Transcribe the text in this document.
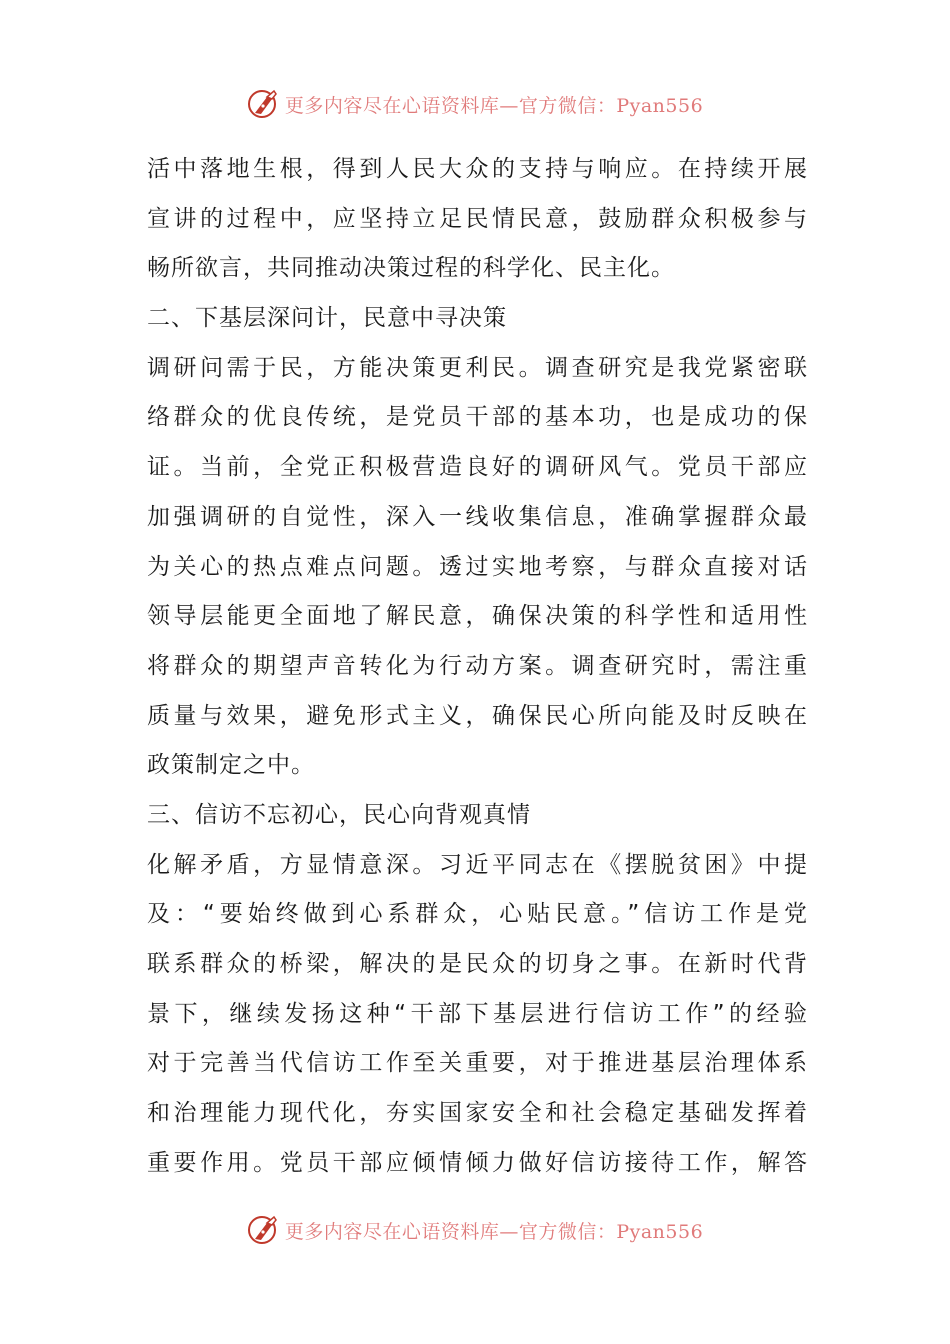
更多内容尽在心语资料库—官方微信：Pyan556
活中落地生根，得到人民大众的支持与响应。在持续开展
宣讲的过程中，应坚持立足民情民意，鼓励群众积极参与
畅所欲言，共同推动决策过程的科学化、民主化。
二、下基层深问计，民意中寻决策
调研问需于民，方能决策更利民。调查研究是我党紧密联
络群众的优良传统，是党员干部的基本功，也是成功的保
证。当前，全党正积极营造良好的调研风气。党员干部应
加强调研的自觉性，深入一线收集信息，准确掌握群众最
为关心的热点难点问题。透过实地考察，与群众直接对话
领导层能更全面地了解民意，确保决策的科学性和适用性
将群众的期望声音转化为行动方案。调查研究时，需注重
质量与效果，避免形式主义，确保民心所向能及时反映在
政策制定之中。
三、信访不忘初心，民心向背观真情
化解矛盾，方显情意深。习近平同志在《摆脱贫困》中提
及：“要始终做到心系群众，心贴民意。”信访工作是党
联系群众的桥梁，解决的是民众的切身之事。在新时代背
景下，继续发扬这种“干部下基层进行信访工作”的经验
对于完善当代信访工作至关重要，对于推进基层治理体系
和治理能力现代化，夯实国家安全和社会稳定基础发挥着
重要作用。党员干部应倾情倾力做好信访接待工作，解答
更多内容尽在心语资料库—官方微信：Pyan556
